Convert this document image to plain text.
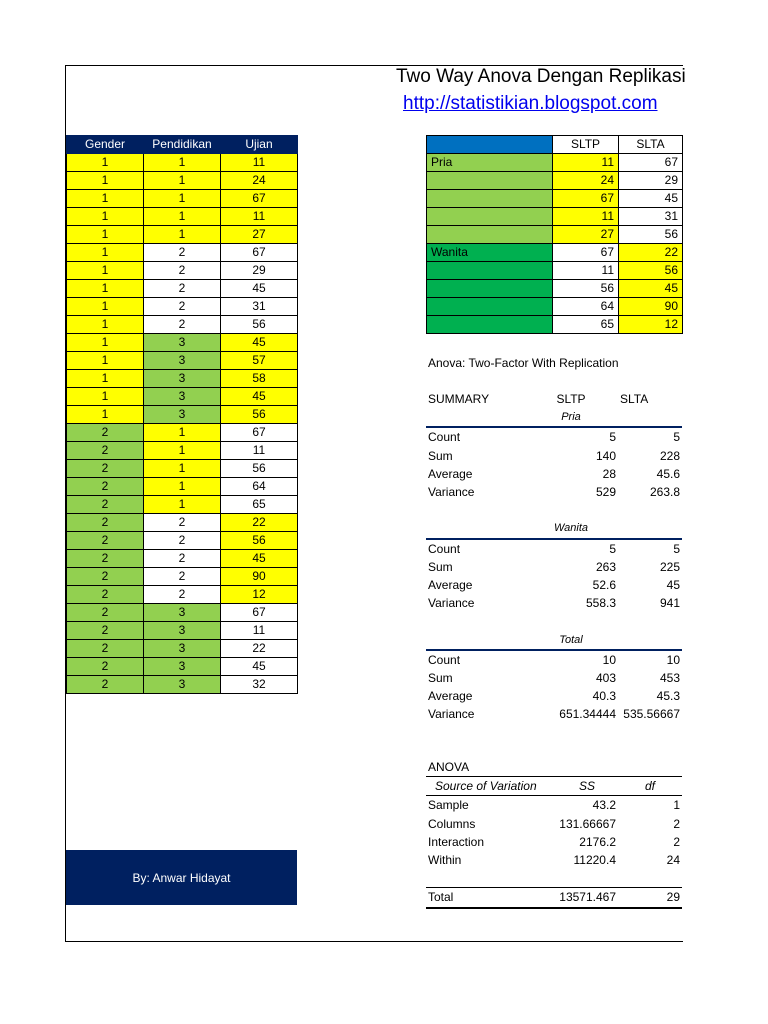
Two Way Anova Dengan Replikasi
http://statistikian.blogspot.com
Gender	Pendidikan	Ujian
1	1	11
1	1	24
1	1	67
1	1	11
1	1	27
1	2	67
1	2	29
1	2	45
1	2	31
1	2	56
1	3	45
1	3	57
1	3	58
1	3	45
1	3	56
2	1	67
2	1	11
2	1	56
2	1	64
2	1	65
2	2	22
2	2	56
2	2	45
2	2	90
2	2	12
2	3	67
2	3	11
2	3	22
2	3	45
2	3	32
	SLTP	SLTA
Pria	11	67
	24	29
	67	45
	11	31
	27	56
Wanita	67	22
	11	56
	56	45
	64	90
	65	12
Anova: Two-Factor With Replication
SUMMARY	SLTP	SLTA
	Pria	
Count	5	5
Sum	140	228
Average	28	45.6
Variance	529	263.8

	Wanita	
Count	5	5
Sum	263	225
Average	52.6	45
Variance	558.3	941

	Total	
Count	10	10
Sum	403	453
Average	40.3	45.3
Variance	651.34444	535.56667
ANOVA		
Source of Variation	SS	df
Sample	43.2	1
Columns	131.66667	2
Interaction	2176.2	2
Within	11220.4	24

Total	13571.467	29
By: Anwar Hidayat
